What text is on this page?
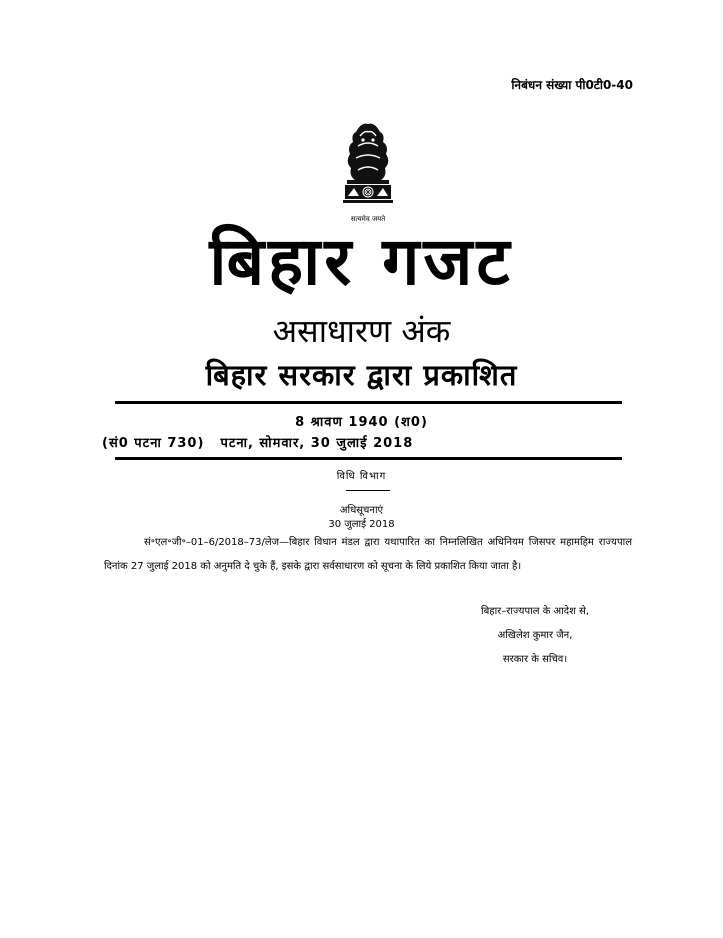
निबंधन संख्या पी0टी0-40
सत्यमेव जयते
बिहार गजट
असाधारण अंक
बिहार सरकार द्वारा प्रकाशित
8 श्रावण 1940 (श0)
(सं0 पटना 730) पटना, सोमवार, 30 जुलाई 2018
विधि विभाग
अधिसूचनाएं
30 जुलाई 2018
सं॰एल॰जी॰–01–6/2018–73/लेज—बिहार विधान मंडल द्वारा यथापारित का निम्नलिखित अधिनियम जिसपर महामहिम राज्यपाल दिनांक 27 जुलाई 2018 को अनुमति दे चुके हैं, इसके द्वारा सर्वसाधारण को सूचना के लिये प्रकाशित किया जाता है।
बिहार–राज्यपाल के आदेश से,
अखिलेश कुमार जैन,
सरकार के सचिव।
